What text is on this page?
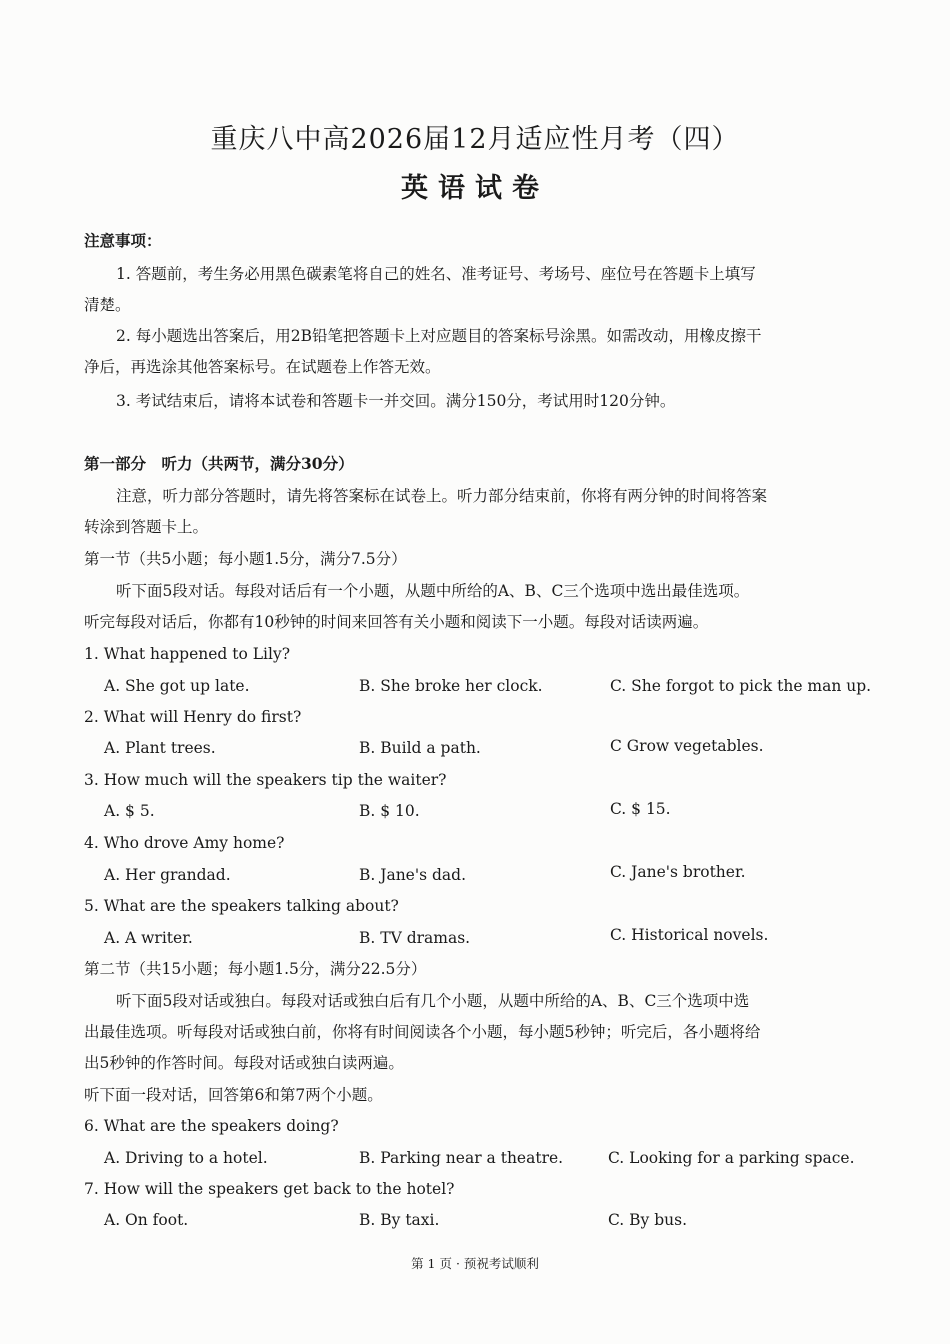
重庆八中高2026届12月适应性月考（四）
英语试卷
注意事项：
1. 答题前，考生务必用黑色碳素笔将自己的姓名、准考证号、考场号、座位号在答题卡上填写
清楚。
2. 每小题选出答案后，用2B铅笔把答题卡上对应题目的答案标号涂黑。如需改动，用橡皮擦干
净后，再选涂其他答案标号。在试题卷上作答无效。
3. 考试结束后，请将本试卷和答题卡一并交回。满分150分，考试用时120分钟。
第一部分　听力（共两节，满分30分）
注意，听力部分答题时，请先将答案标在试卷上。听力部分结束前，你将有两分钟的时间将答案
转涂到答题卡上。
第一节（共5小题；每小题1.5分，满分7.5分）
听下面5段对话。每段对话后有一个小题，从题中所给的A、B、C三个选项中选出最佳选项。
听完每段对话后，你都有10秒钟的时间来回答有关小题和阅读下一小题。每段对话读两遍。
1. What happened to Lily?
A. She got up late.	B. She broke her clock.	C. She forgot to pick the man up.
2. What will Henry do first?
A. Plant trees.	B. Build a path.	C Grow vegetables.
3. How much will the speakers tip the waiter?
A. $ 5.	B. $ 10.	C. $ 15.
4. Who drove Amy home?
A. Her grandad.	B. Jane's dad.	C. Jane's brother.
5. What are the speakers talking about?
A. A writer.	B. TV dramas.	C. Historical novels.
第二节（共15小题；每小题1.5分，满分22.5分）
听下面5段对话或独白。每段对话或独白后有几个小题，从题中所给的A、B、C三个选项中选
出最佳选项。听每段对话或独白前，你将有时间阅读各个小题，每小题5秒钟；听完后，各小题将给
出5秒钟的作答时间。每段对话或独白读两遍。
听下面一段对话，回答第6和第7两个小题。
6. What are the speakers doing?
A. Driving to a hotel.	B. Parking near a theatre.	C. Looking for a parking space.
7. How will the speakers get back to the hotel?
A. On foot.	B. By taxi.	C. By bus.
第 1 页 · 预祝考试顺利
